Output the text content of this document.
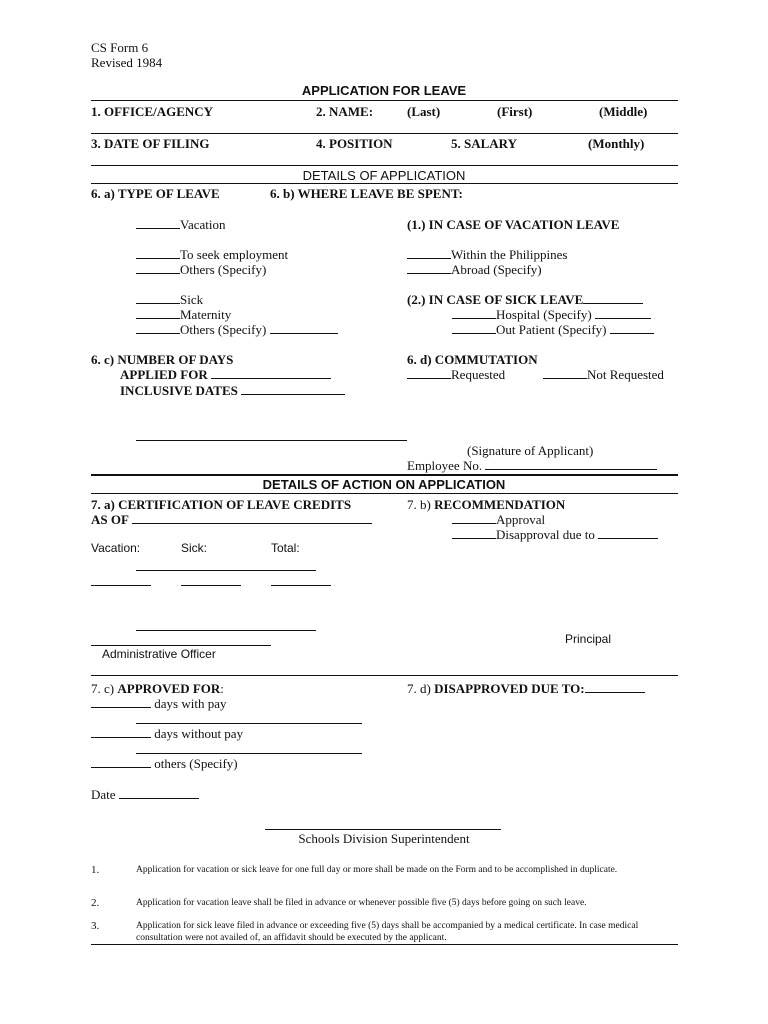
CS Form 6
Revised 1984
APPLICATION FOR LEAVE
1. OFFICE/AGENCY	2. NAME:	(Last)	(First)	(Middle)
3. DATE OF FILING	4. POSITION	5. SALARY	(Monthly)
DETAILS OF APPLICATION
6. a) TYPE OF LEAVE	6. b) WHERE LEAVE BE SPENT:
Vacation
To seek employment
Others (Specify)
Sick
Maternity
Others (Specify)
(1.) IN CASE OF VACATION LEAVE
Within the Philippines
Abroad (Specify)
(2.) IN CASE OF SICK LEAVE
Hospital (Specify)
Out Patient (Specify)
6. c) NUMBER OF DAYS
APPLIED FOR
INCLUSIVE DATES
6. d) COMMUTATION
Requested	Not Requested
(Signature of Applicant)
Employee No.
DETAILS OF ACTION ON APPLICATION
7. a) CERTIFICATION OF LEAVE CREDITS
AS OF
7. b) RECOMMENDATION
Approval
Disapproval due to
Vacation:	Sick:	Total:
Principal
Administrative Officer
7. c) APPROVED FOR:	7. d) DISAPPROVED DUE TO:
days with pay
days without pay
others (Specify)
Date
Schools Division Superintendent
1.	Application for vacation or sick leave for one full day or more shall be made on the Form and to be accomplished in duplicate.
2.	Application for vacation leave shall be filed in advance or whenever possible five (5) days before going on such leave.
3.	Application for sick leave filed in advance or exceeding five (5) days shall be accompanied by a medical certificate. In case medical consultation were not availed of, an affidavit should be executed by the applicant.
